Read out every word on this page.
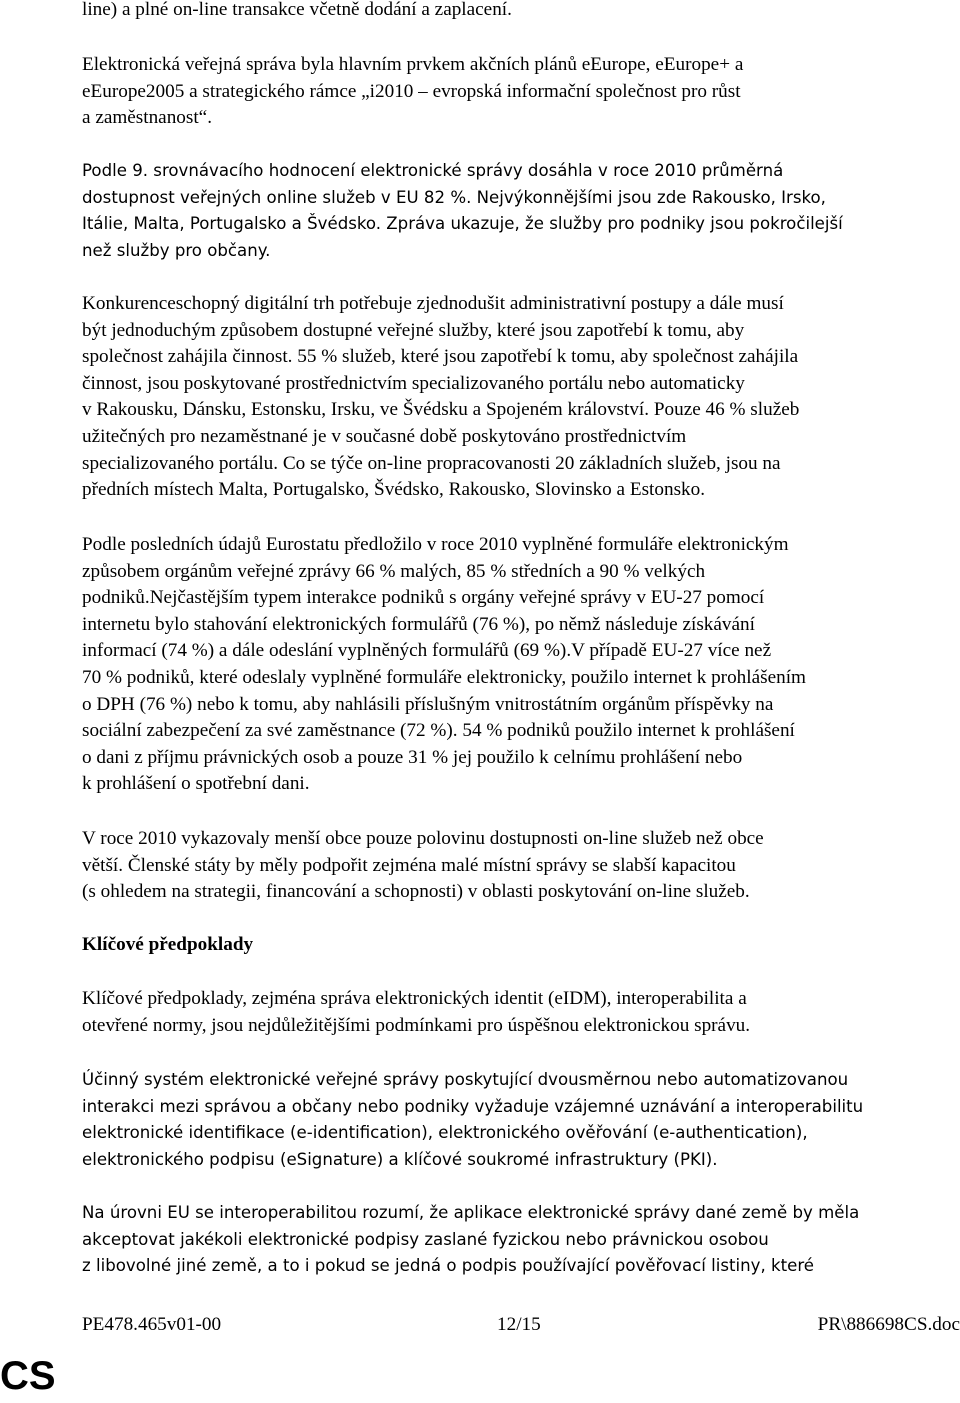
line) a plné on-line transakce včetně dodání a zaplacení.

Elektronická veřejná správa byla hlavním prvkem akčních plánů eEurope, eEurope+ a
eEurope2005 a strategického rámce „i2010 – evropská informační společnost pro růst
a zaměstnanost“.

Podle 9. srovnávacího hodnocení elektronické správy dosáhla v roce 2010 průměrná
dostupnost veřejných online služeb v EU 82 %. Nejvýkonnějšími jsou zde Rakousko, Irsko,
Itálie, Malta, Portugalsko a Švédsko. Zpráva ukazuje, že služby pro podniky jsou pokročilejší
než služby pro občany.

Konkurenceschopný digitální trh potřebuje zjednodušit administrativní postupy a dále musí
být jednoduchým způsobem dostupné veřejné služby, které jsou zapotřebí k tomu, aby
společnost zahájila činnost. 55 % služeb, které jsou zapotřebí k tomu, aby společnost zahájila
činnost, jsou poskytované prostřednictvím specializovaného portálu nebo automaticky
v Rakousku, Dánsku, Estonsku, Irsku, ve Švédsku a Spojeném království. Pouze 46 % služeb
užitečných pro nezaměstnané je v současné době poskytováno prostřednictvím
specializovaného portálu. Co se týče on-line propracovanosti 20 základních služeb, jsou na
předních místech Malta, Portugalsko, Švédsko, Rakousko, Slovinsko a Estonsko.

Podle posledních údajů Eurostatu předložilo v roce 2010 vyplněné formuláře elektronickým
způsobem orgánům veřejné zprávy 66 % malých, 85 % středních a 90 % velkých
podniků.Nejčastějším typem interakce podniků s orgány veřejné správy v EU-27 pomocí
internetu bylo stahování elektronických formulářů (76 %), po němž následuje získávání
informací (74 %) a dále odeslání vyplněných formulářů (69 %).V případě EU-27 více než
70 % podniků, které odeslaly vyplněné formuláře elektronicky, použilo internet k prohlášením
o DPH (76 %) nebo k tomu, aby nahlásili příslušným vnitrostátním orgánům příspěvky na
sociální zabezpečení za své zaměstnance (72 %). 54 % podniků použilo internet k prohlášení
o dani z příjmu právnických osob a pouze 31 % jej použilo k celnímu prohlášení nebo
k prohlášení o spotřební dani.

V roce 2010 vykazovaly menší obce pouze polovinu dostupnosti on-line služeb než obce
větší. Členské státy by měly podpořit zejména malé místní správy se slabší kapacitou
(s ohledem na strategii, financování a schopnosti) v oblasti poskytování on-line služeb.

Klíčové předpoklady

Klíčové předpoklady, zejména správa elektronických identit (eIDM), interoperabilita a
otevřené normy, jsou nejdůležitějšími podmínkami pro úspěšnou elektronickou správu.

Účinný systém elektronické veřejné správy poskytující dvousměrnou nebo automatizovanou
interakci mezi správou a občany nebo podniky vyžaduje vzájemné uznávání a interoperabilitu
elektronické identifikace (e-identification), elektronického ověřování (e-authentication),
elektronického podpisu (eSignature) a klíčové soukromé infrastruktury (PKI).

Na úrovni EU se interoperabilitou rozumí, že aplikace elektronické správy dané země by měla
akceptovat jakékoli elektronické podpisy zaslané fyzickou nebo právnickou osobou
z libovolné jiné země, a to i pokud se jedná o podpis používající pověřovací listiny, které

PE478.465v01-00	12/15	PR\886698CS.doc
CS
